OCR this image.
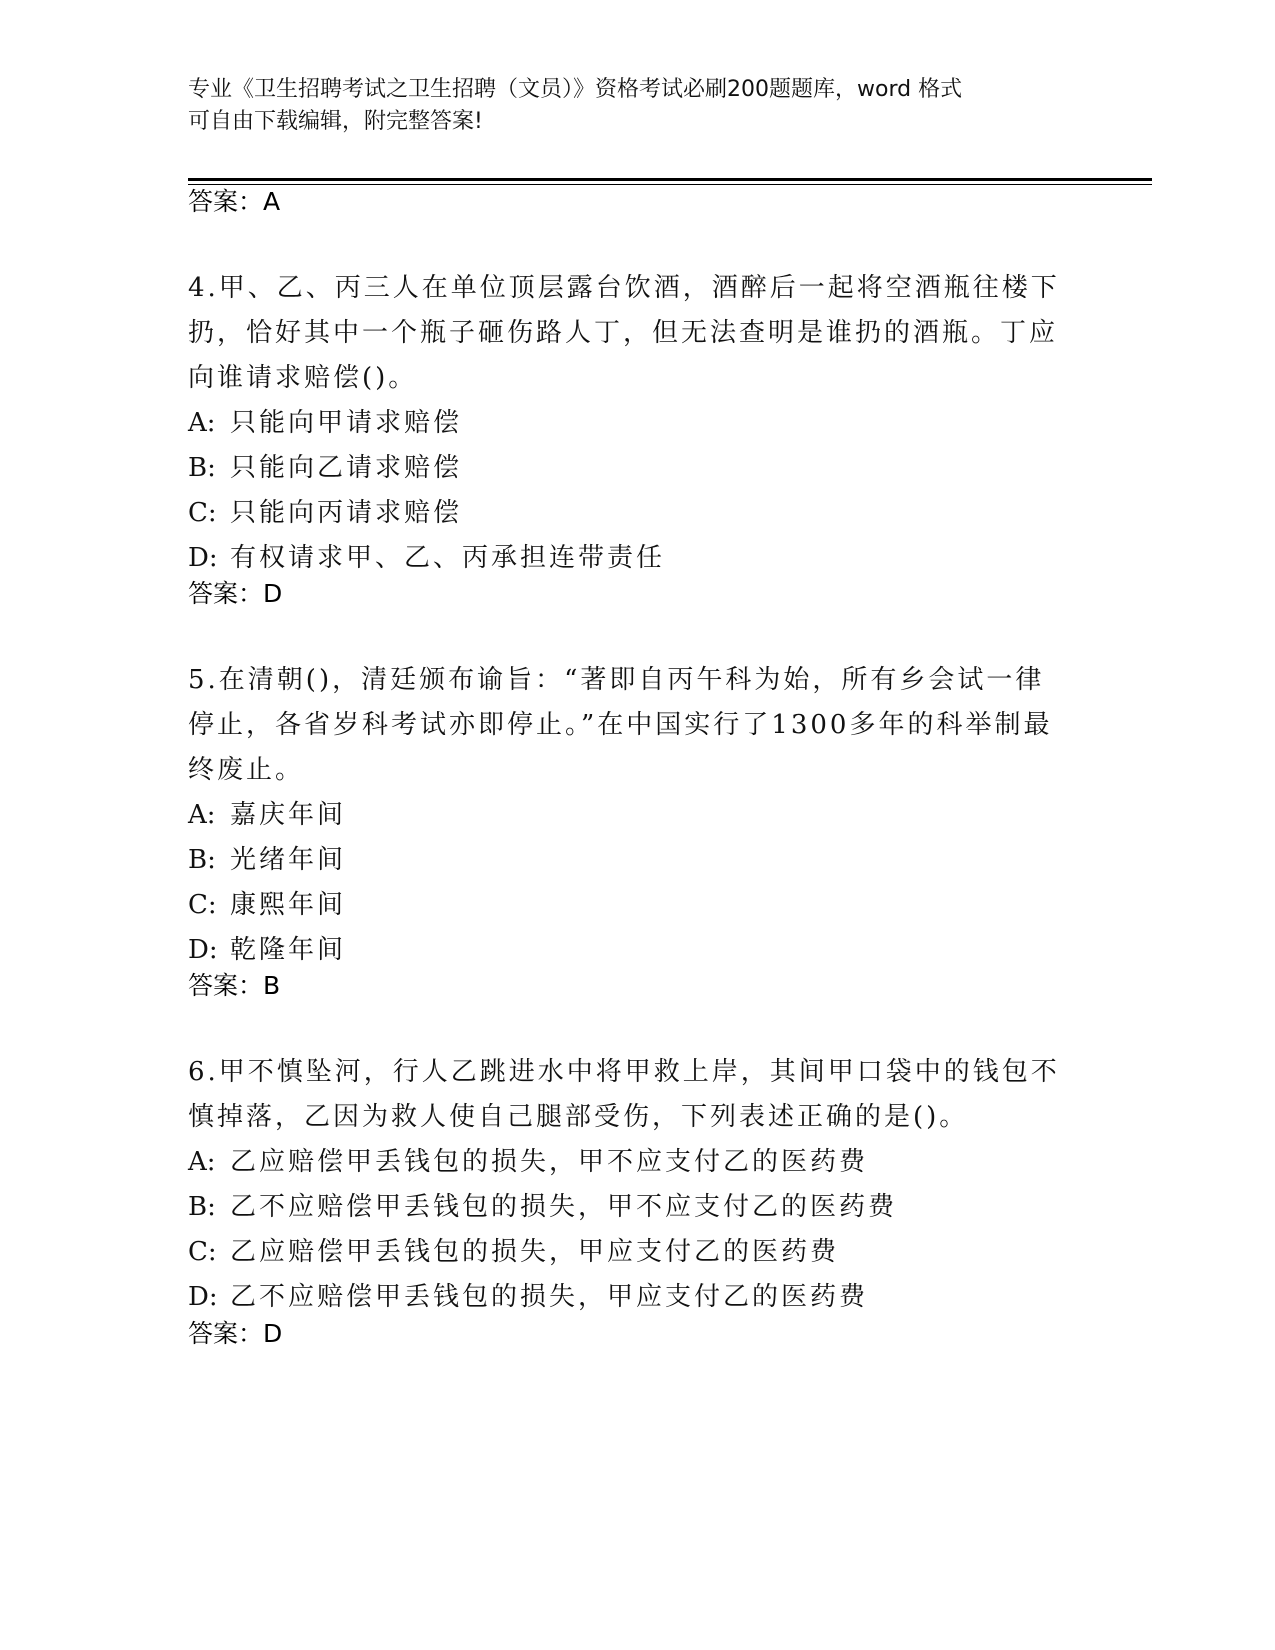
专业《卫生招聘考试之卫生招聘（文员）》资格考试必刷200题题库，word 格式
可自由下载编辑，附完整答案!
答案：A

4.甲、乙、丙三人在单位顶层露台饮酒，酒醉后一起将空酒瓶往楼下

扔，恰好其中一个瓶子砸伤路人丁，但无法查明是谁扔的酒瓶。丁应

向谁请求赔偿()。

A: 只能向甲请求赔偿

B: 只能向乙请求赔偿

C: 只能向丙请求赔偿

D: 有权请求甲、乙、丙承担连带责任

答案：D

5.在清朝()，清廷颁布谕旨：“著即自丙午科为始，所有乡会试一律

停止，各省岁科考试亦即停止。”在中国实行了1300多年的科举制最

终废止。

A: 嘉庆年间

B: 光绪年间

C: 康熙年间

D: 乾隆年间

答案：B

6.甲不慎坠河，行人乙跳进水中将甲救上岸，其间甲口袋中的钱包不

慎掉落，乙因为救人使自己腿部受伤，下列表述正确的是()。

A: 乙应赔偿甲丢钱包的损失，甲不应支付乙的医药费

B: 乙不应赔偿甲丢钱包的损失，甲不应支付乙的医药费

C: 乙应赔偿甲丢钱包的损失，甲应支付乙的医药费

D: 乙不应赔偿甲丢钱包的损失，甲应支付乙的医药费

答案：D
